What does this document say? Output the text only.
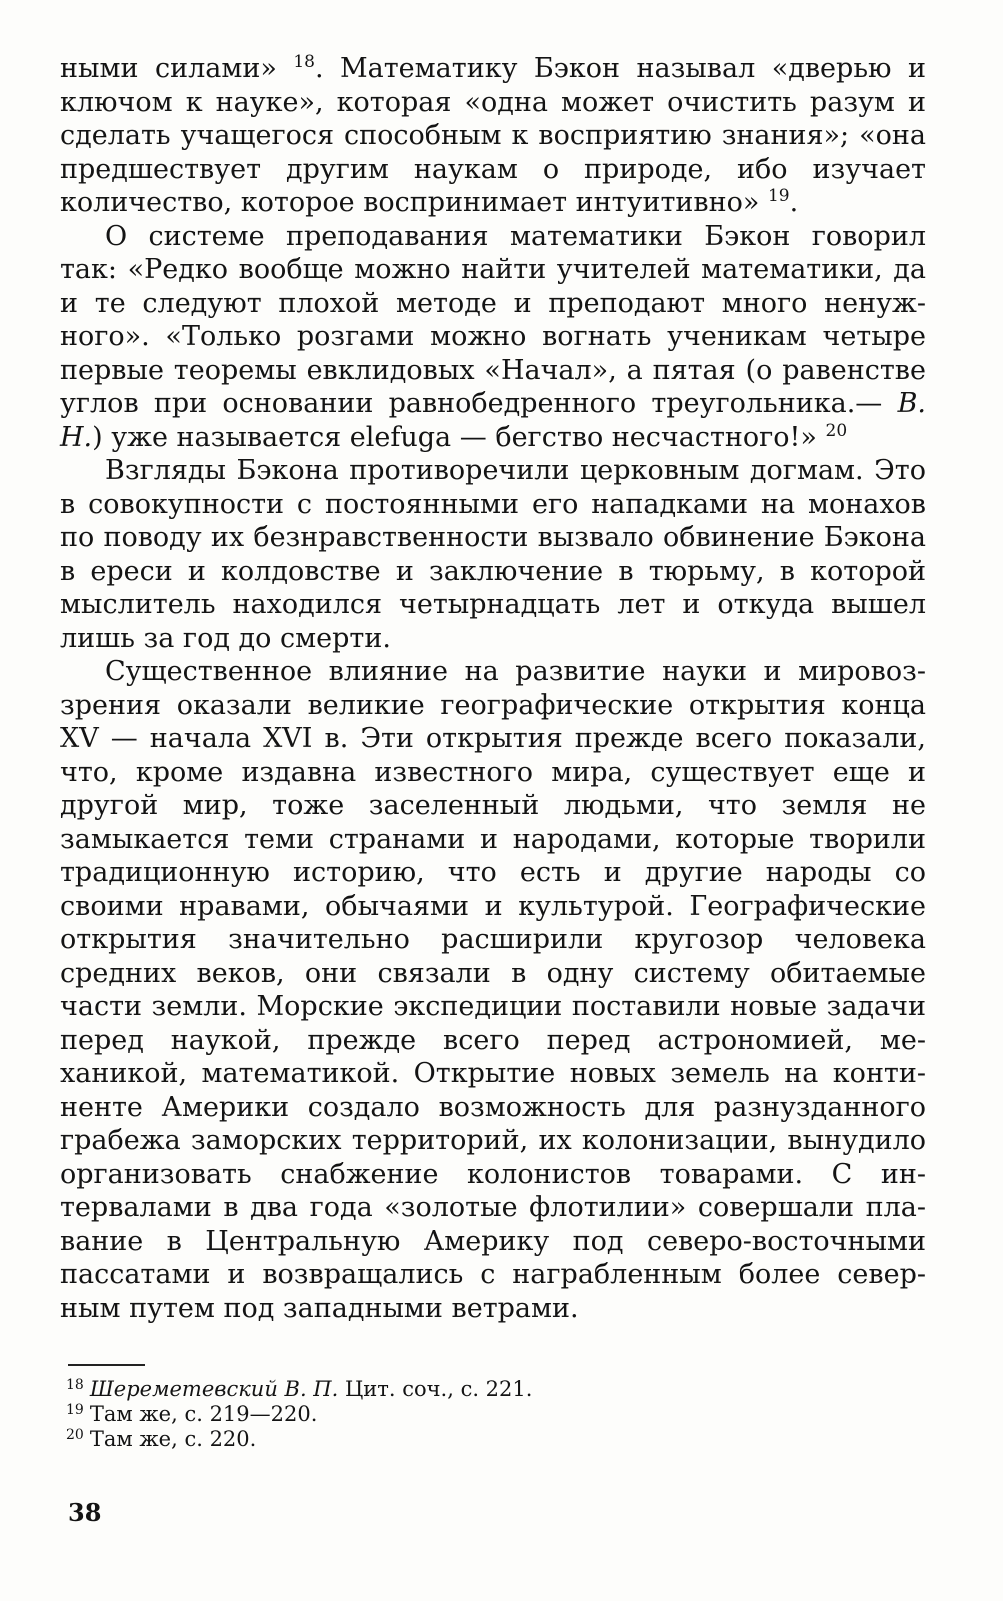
ными силами» $^{18}$. Математику Бэкон называл «дверью и ключом к науке», которая «одна может очистить разум и сделать учащегося способным к восприятию знания»; «она предшествует другим наукам о природе, ибо изучает количество, которое воспринимает интуитивно» $^{19}$.

О системе преподавания математики Бэкон говорил так: «Редко вообще можно найти учителей математики, да и те следуют плохой методе и преподают много ненужного». «Только розгами можно вогнать ученикам четыре первые теоремы евклидовых «Начал», а пятая (о равенстве углов при основании равнобедренного треугольника.— В. Н.) уже называется elefuga — бегство несчастного!» $^{20}$

Взгляды Бэкона противоречили церковным догмам. Это в совокупности с постоянными его нападками на монахов по поводу их безнравственности вызвало обвинение Бэкона в ереси и колдовстве и заключение в тюрьму, в которой мыслитель находился четырнадцать лет и откуда вышел лишь за год до смерти.

Существенное влияние на развитие науки и мировоззрения оказали великие географические открытия конца XV — начала XVI в. Эти открытия прежде всего показали, что, кроме издавна известного мира, существует еще и другой мир, тоже заселенный людьми, что земля не замыкается теми странами и народами, которые творили традиционную историю, что есть и другие народы со своими нравами, обычаями и культурой. Географические открытия значительно расширили кругозор человека средних веков, они связали в одну систему обитаемые части земли. Морские экспедиции поставили новые задачи перед наукой, прежде всего перед астрономией, механикой, математикой. Открытие новых земель на континенте Америки создало возможность для разнузданного грабежа заморских территорий, их колонизации, вынудило организовать снабжение колонистов товарами. С интервалами в два года «золотые флотилии» совершали плавание в Центральную Америку под северо-восточными пассатами и возвращались с награбленным более северным путем под западными ветрами.

$^{18}$ Шереметевский В. П. Цит. соч., с. 221.

$^{19}$ Там же, с. 219—220.

$^{20}$ Там же, с. 220.

38
